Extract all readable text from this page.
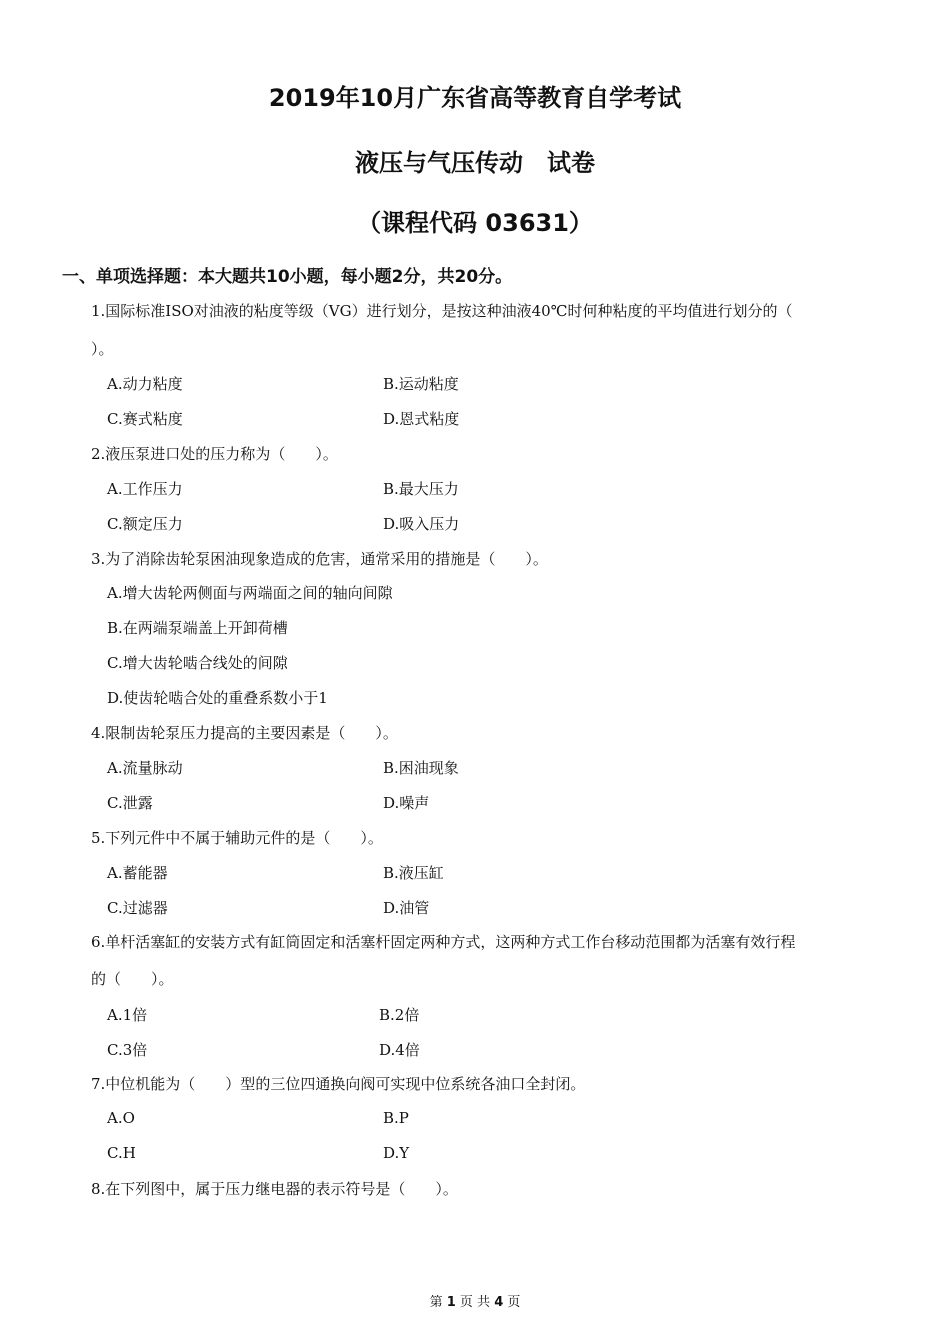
2019年10月广东省高等教育自学考试
液压与气压传动　试卷
（课程代码 03631）
一、单项选择题：本大题共10小题，每小题2分，共20分。
1.国际标准ISO对油液的粘度等级（VG）进行划分，是按这种油液40℃时何种粘度的平均值进行划分的（
）。
A.动力粘度	B.运动粘度
C.赛式粘度	D.恩式粘度
2.液压泵进口处的压力称为（　　）。
A.工作压力	B.最大压力
C.额定压力	D.吸入压力
3.为了消除齿轮泵困油现象造成的危害，通常采用的措施是（　　）。
A.增大齿轮两侧面与两端面之间的轴向间隙
B.在两端泵端盖上开卸荷槽
C.增大齿轮啮合线处的间隙
D.使齿轮啮合处的重叠系数小于1
4.限制齿轮泵压力提高的主要因素是（　　）。
A.流量脉动	B.困油现象
C.泄露	D.噪声
5.下列元件中不属于辅助元件的是（　　）。
A.蓄能器	B.液压缸
C.过滤器	D.油管
6.单杆活塞缸的安装方式有缸筒固定和活塞杆固定两种方式，这两种方式工作台移动范围都为活塞有效行程
的（　　）。
A.1倍	B.2倍
C.3倍	D.4倍
7.中位机能为（　　）型的三位四通换向阀可实现中位系统各油口全封闭。
A.O	B.P
C.H	D.Y
8.在下列图中，属于压力继电器的表示符号是（　　）。
第 1 页 共 4 页
